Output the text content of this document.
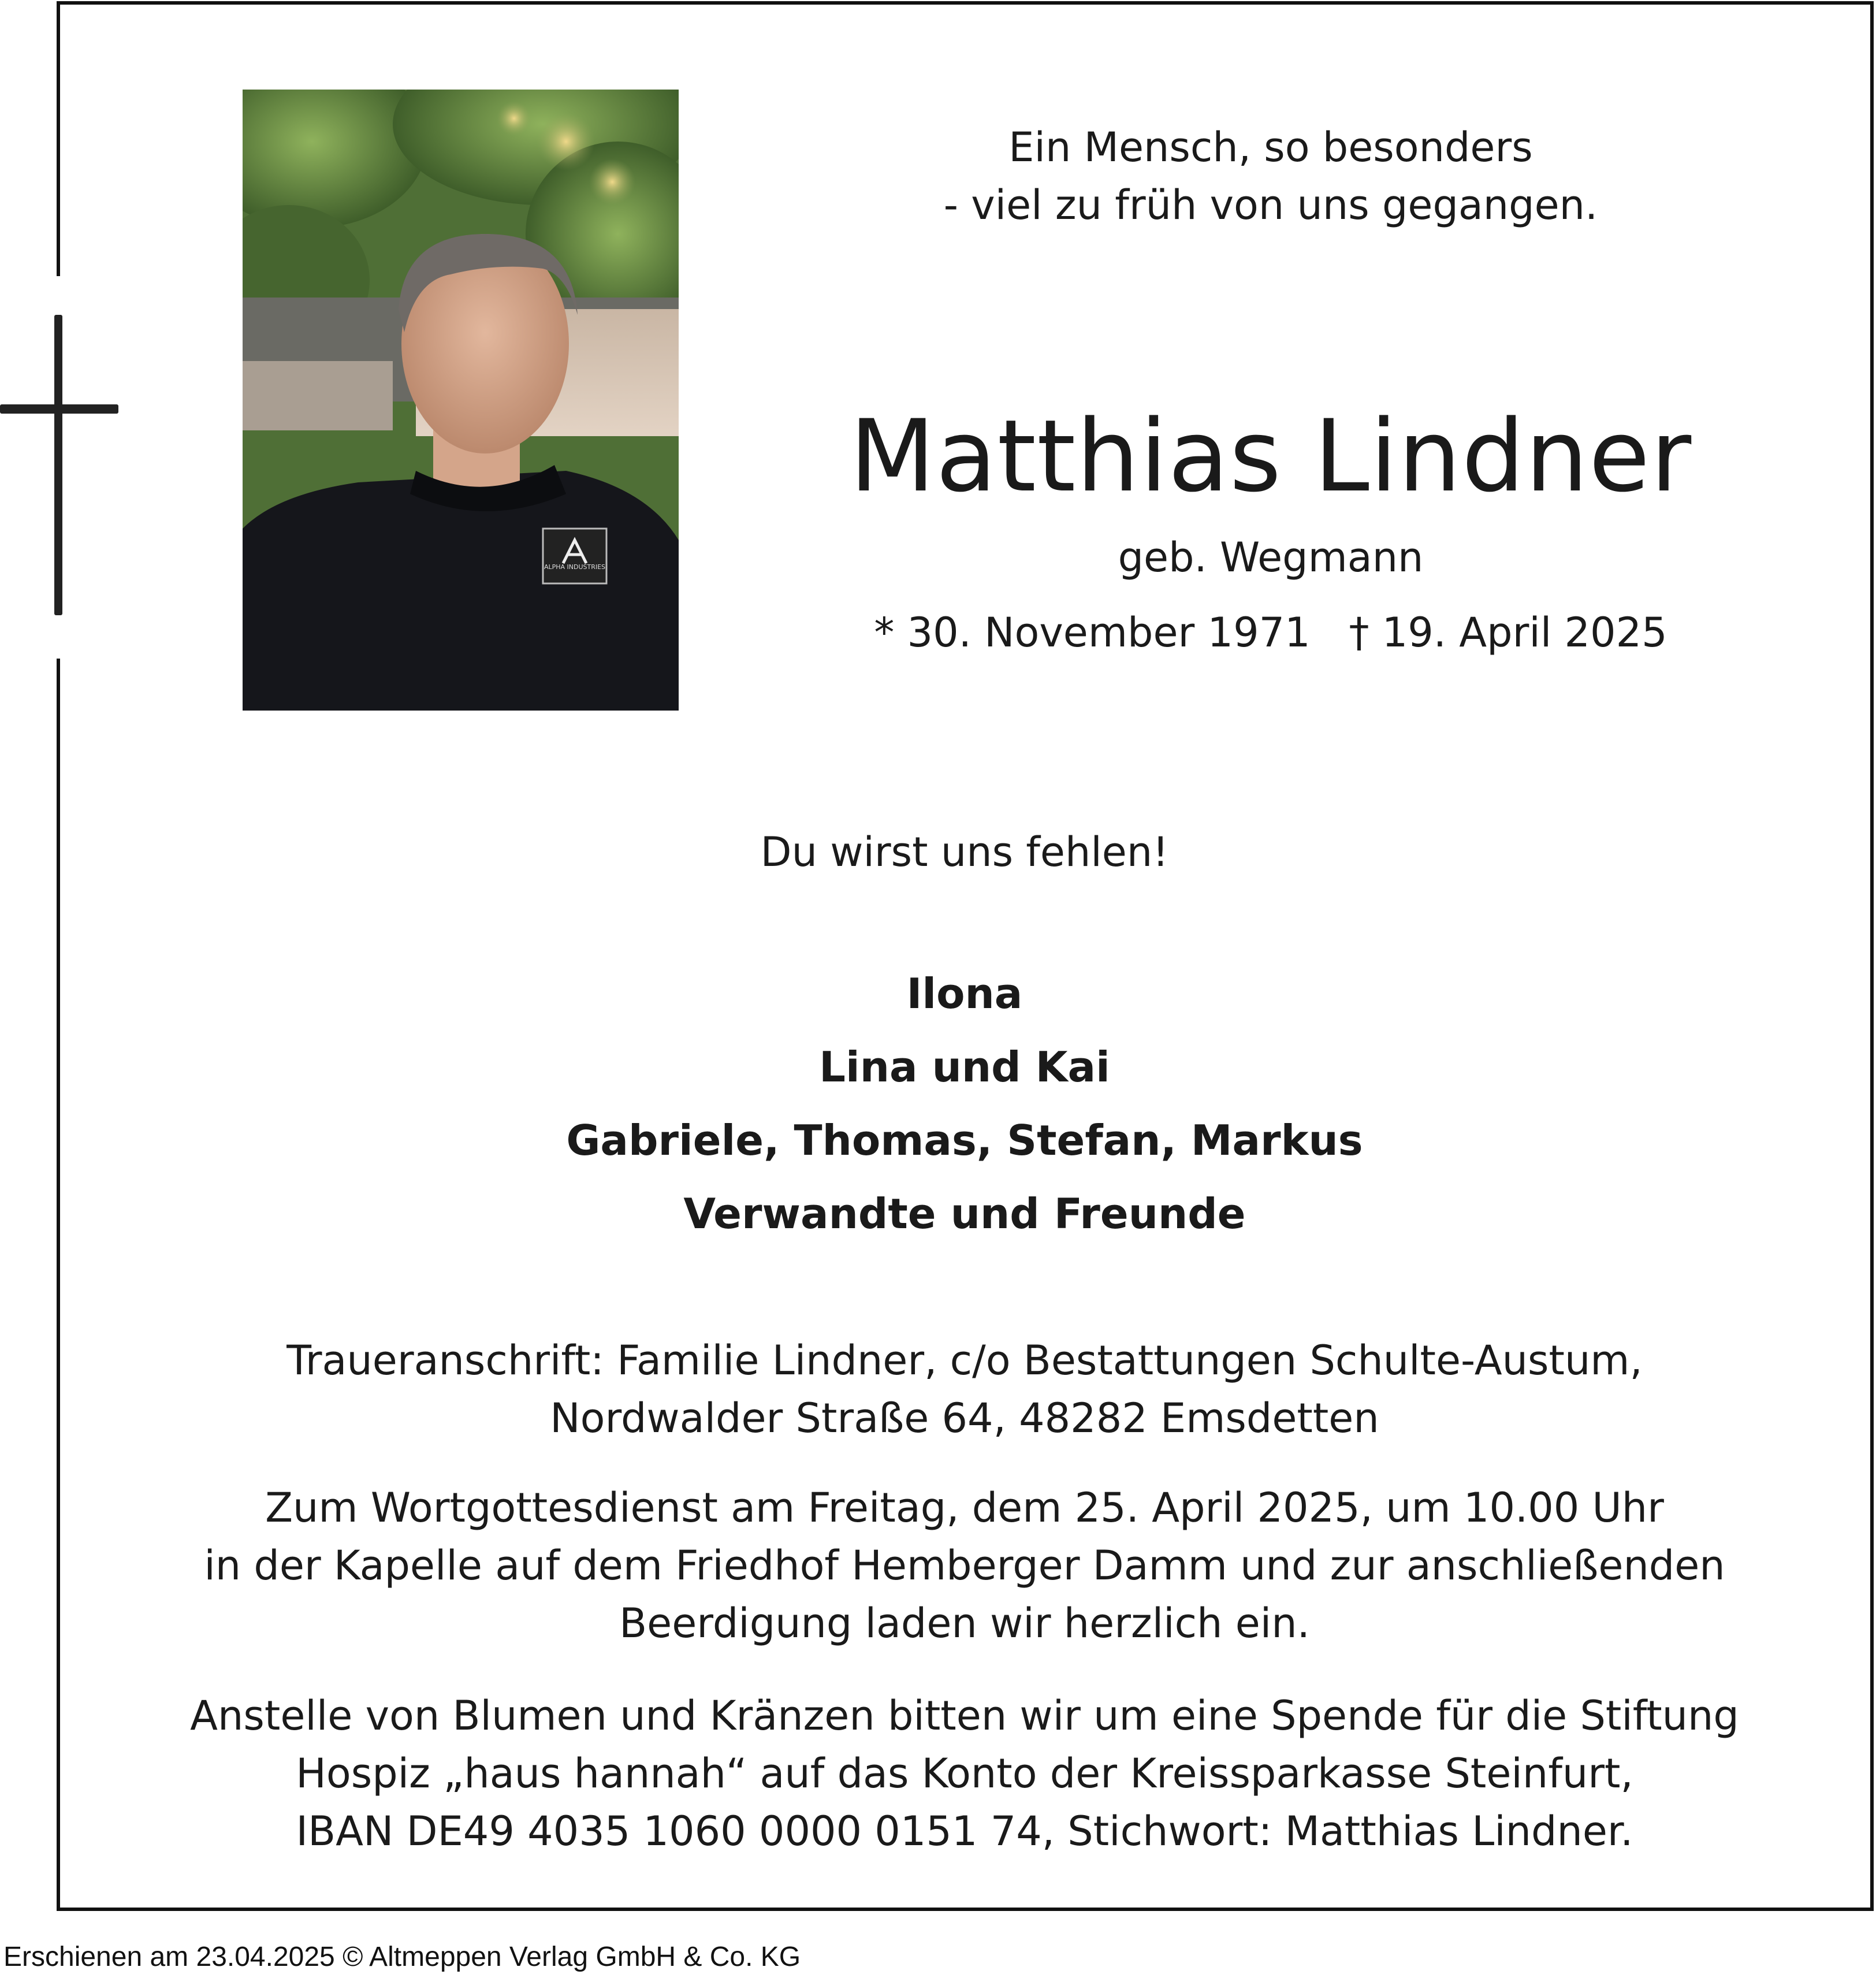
ALPHA INDUSTRIES
Ein Mensch, so besonders
- viel zu früh von uns gegangen.
Matthias Lindner
geb. Wegmann
* 30. November 1971   † 19. April 2025
Du wirst uns fehlen!
Ilona
Lina und Kai
Gabriele, Thomas, Stefan, Markus
Verwandte und Freunde
Traueranschrift: Familie Lindner, c/o Bestattungen Schulte-Austum,
Nordwalder Straße 64, 48282 Emsdetten
Zum Wortgottesdienst am Freitag, dem 25. April 2025, um 10.00 Uhr
in der Kapelle auf dem Friedhof Hemberger Damm und zur anschließenden
Beerdigung laden wir herzlich ein.
Anstelle von Blumen und Kränzen bitten wir um eine Spende für die Stiftung
Hospiz „haus hannah“ auf das Konto der Kreissparkasse Steinfurt,
IBAN DE49 4035 1060 0000 0151 74, Stichwort: Matthias Lindner.
Erschienen am 23.04.2025 © Altmeppen Verlag GmbH & Co. KG
